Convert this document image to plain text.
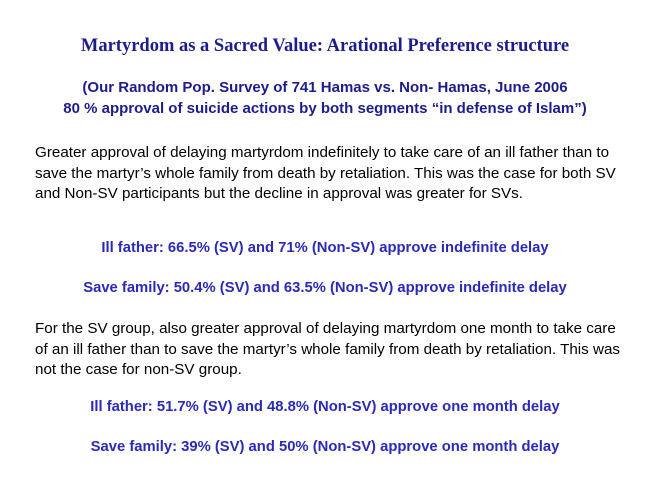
Martyrdom as a Sacred Value: Arational Preference structure
(Our Random Pop. Survey of 741 Hamas vs. Non- Hamas, June 2006
80 % approval of suicide actions by both segments “in defense of Islam”)
Greater approval of delaying martyrdom indefinitely to take care of an ill father than to save the martyr’s whole family from death by retaliation. This was the case for both SV and Non-SV participants but the decline in approval was greater for SVs.
Ill father: 66.5% (SV) and 71% (Non-SV) approve indefinite delay
Save family: 50.4% (SV) and 63.5% (Non-SV) approve indefinite delay
For the SV group, also greater approval of delaying martyrdom one month to take care of an ill father than to save the martyr’s whole family from death by retaliation. This was not the case for non-SV group.
Ill father: 51.7% (SV) and 48.8% (Non-SV) approve one month delay
Save family: 39% (SV) and 50% (Non-SV) approve one month delay
